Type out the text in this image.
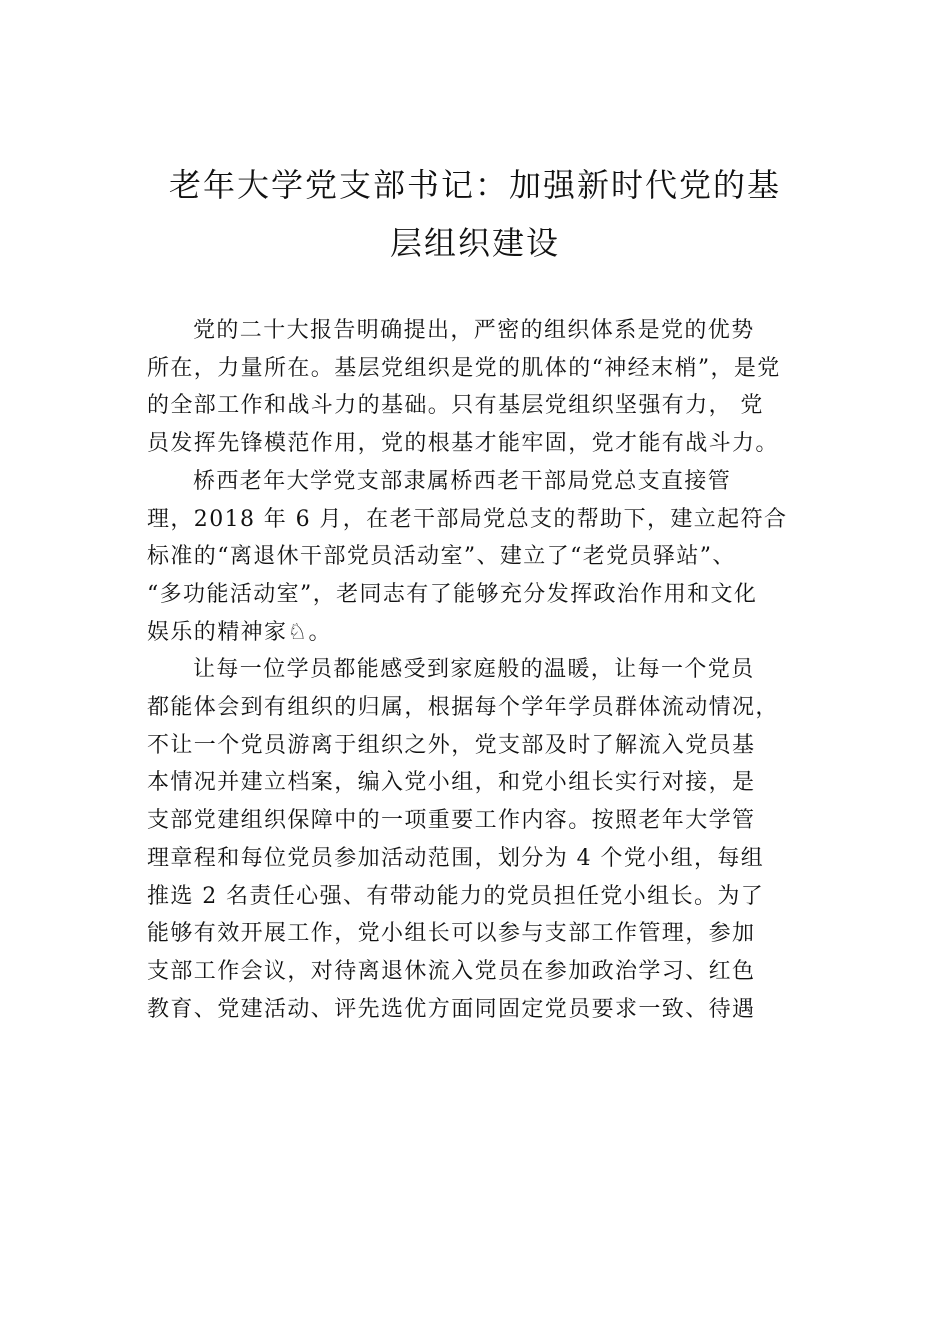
老年大学党支部书记：加强新时代党的基
层组织建设
党的二十大报告明确提出，严密的组织体系是党的优势
所在，力量所在。基层党组织是党的肌体的“神经末梢”，是党
的全部工作和战斗力的基础。只有基层党组织坚强有力， 党
员发挥先锋模范作用，党的根基才能牢固，党才能有战斗力。
桥西老年大学党支部隶属桥西老干部局党总支直接管
理，2018 年 6 月，在老干部局党总支的帮助下，建立起符合
标准的“离退休干部党员活动室”、建立了“老党员驿站”、
“多功能活动室”，老同志有了能够充分发挥政治作用和文化
娱乐的精神家♘。
让每一位学员都能感受到家庭般的温暖，让每一个党员
都能体会到有组织的归属，根据每个学年学员群体流动情况，
不让一个党员游离于组织之外，党支部及时了解流入党员基
本情况并建立档案，编入党小组，和党小组长实行对接，是
支部党建组织保障中的一项重要工作内容。按照老年大学管
理章程和每位党员参加活动范围，划分为 4 个党小组，每组
推选 2 名责任心强、有带动能力的党员担任党小组长。为了
能够有效开展工作，党小组长可以参与支部工作管理，参加
支部工作会议，对待离退休流入党员在参加政治学习、红色
教育、党建活动、评先选优方面同固定党员要求一致、待遇
